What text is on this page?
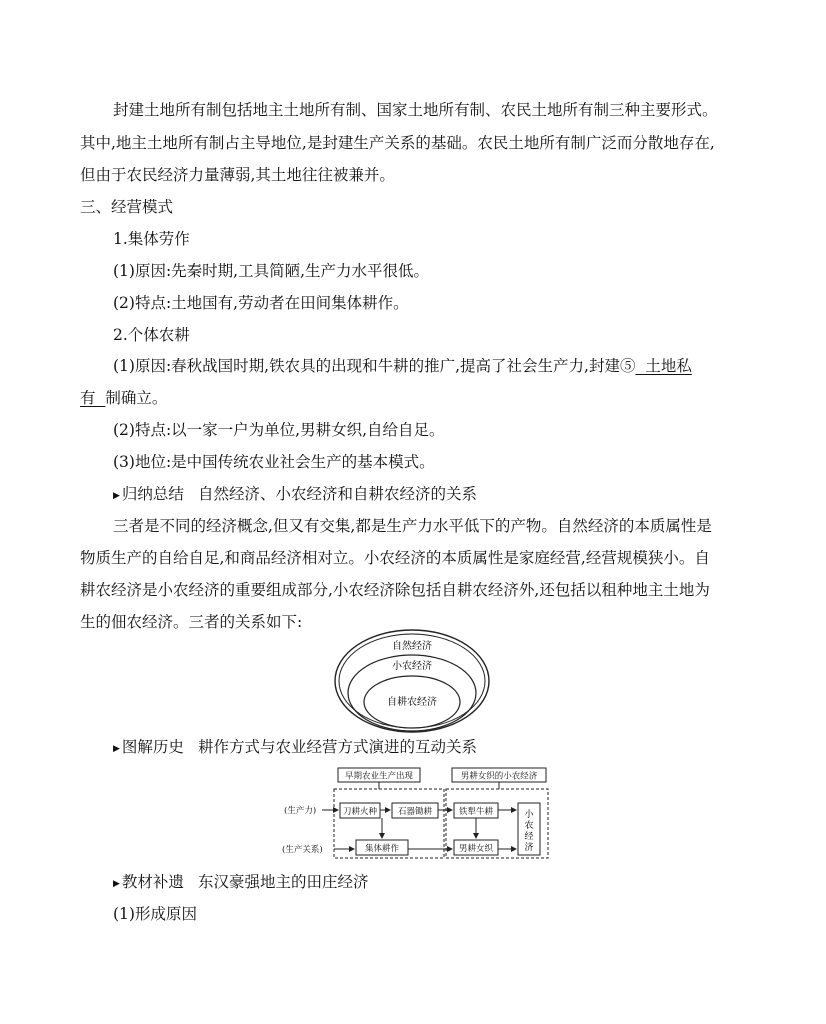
封建土地所有制包括地主土地所有制、国家土地所有制、农民土地所有制三种主要形式。
其中,地主土地所有制占主导地位,是封建生产关系的基础。农民土地所有制广泛而分散地存在,
但由于农民经济力量薄弱,其土地往往被兼并。
三、经营模式
1.集体劳作
(1)原因:先秦时期,工具简陋,生产力水平很低。
(2)特点:土地国有,劳动者在田间集体耕作。
2.个体农耕
(1)原因:春秋战国时期,铁农具的出现和牛耕的推广,提高了社会生产力,封建⑤  土地私
有  制确立。
(2)特点:以一家一户为单位,男耕女织,自给自足。
(3)地位:是中国传统农业社会生产的基本模式。
▶ 归纳总结 自然经济、小农经济和自耕农经济的关系
三者是不同的经济概念,但又有交集,都是生产力水平低下的产物。自然经济的本质属性是
物质生产的自给自足,和商品经济相对立。小农经济的本质属性是家庭经营,经营规模狭小。自
耕农经济是小农经济的重要组成部分,小农经济除包括自耕农经济外,还包括以租种地主土地为
生的佃农经济。三者的关系如下:
自然经济
小农经济
自耕农经济
▶ 图解历史 耕作方式与农业经营方式演进的互动关系
早期农业生产出现	男耕女织的小农经济
(生产力)
(生产关系)
刀耕火种 石器锄耕
集体耕作
铁犁牛耕
男耕女织
小农经济
▶ 教材补遗 东汉豪强地主的田庄经济
(1)形成原因
